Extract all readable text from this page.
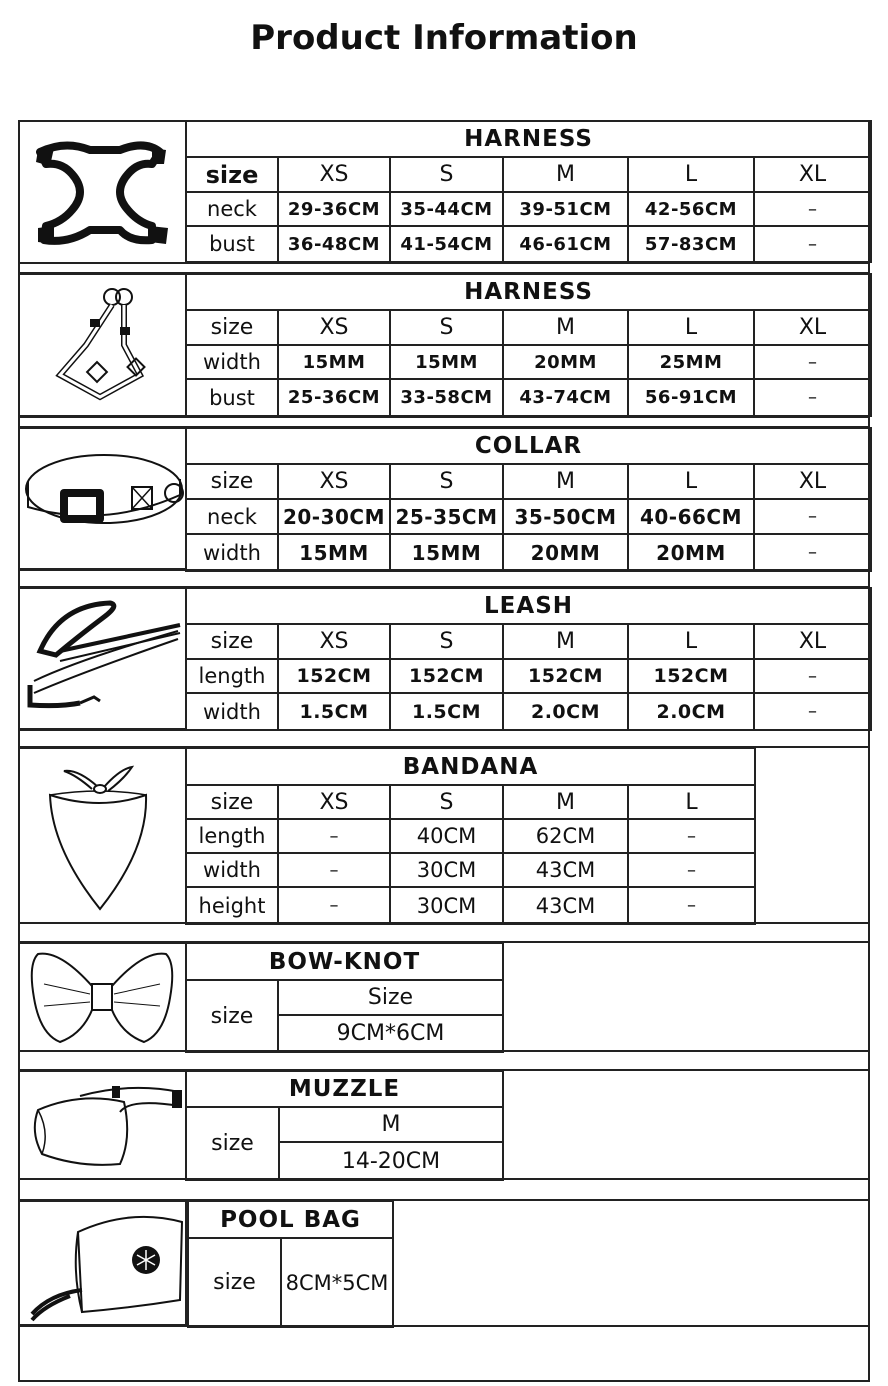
Product Information
HARNESS					
size	XS	S	M	L	XL
neck	29-36CM	35-44CM	39-51CM	42-56CM	–
bust	36-48CM	41-54CM	46-61CM	57-83CM	–
HARNESS					
size	XS	S	M	L	XL
width	15MM	15MM	20MM	25MM	–
bust	25-36CM	33-58CM	43-74CM	56-91CM	–
COLLAR					
size	XS	S	M	L	XL
neck	20-30CM	25-35CM	35-50CM	40-66CM	–
width	15MM	15MM	20MM	20MM	–
LEASH					
size	XS	S	M	L	XL
length	152CM	152CM	152CM	152CM	–
width	1.5CM	1.5CM	2.0CM	2.0CM	–
BANDANA				
size	XS	S	M	L
length	–	40CM	62CM	–
width	–	30CM	43CM	–
height	–	30CM	43CM	–
BOW-KNOT
size	Size
9CM*6CM
MUZZLE
size	M
14-20CM
POOL BAG
size	8CM*5CM
